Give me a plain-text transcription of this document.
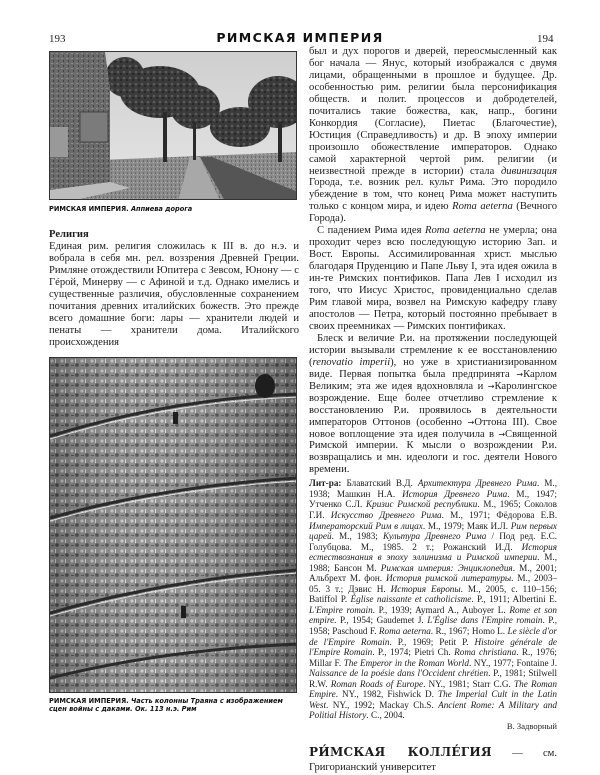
193	РИМСКАЯ ИМПЕРИЯ	194
РИМСКАЯ ИМПЕРИЯ. Аппиева дорога

Религия

Единая рим. религия сложилась к III в. до н.э. и вобрала в себя мн. рел. воззрения Древней Греции. Римляне отождествили Юпитера с Зевсом, Юнону — с Гéрой, Минерву — с Афиной и т.д. Однако имелись и существенные различия, обусловленные сохранением почитания древних италийских божеств. Это прежде всего домашние боги: лары — хранители людей и пенаты — хранители дома. Италийского происхождения

РИМСКАЯ ИМПЕРИЯ. Часть колонны Траяна с изображением сцен войны с даками. Ок. 113 н.э. Рим

был и дух порогов и дверей, переосмысленный как бог начала — Янус, который изображался с двумя лицами, обращенными в прошлое и будущее. Др. особенностью рим. религии была персонификация обществ. и полит. процессов и добродетелей, почитались такие божества, как, напр., богини Конкордия (Согласие), Пиетас (Благочестие), Юстиция (Справедливость) и др. В эпоху империи произошло обожествление императоров. Однако самой характерной чертой рим. религии (и неизвестной прежде в истории) стала дивинизация Города, т.е. возник рел. культ Рима. Это породило убеждение в том, что конец Рима может наступить только с концом мира, и идею Roma aeterna (Вечного Города).

С падением Рима идея Roma aeterna не умерла; она проходит через всю последующую историю Зап. и Вост. Европы. Ассимилированная христ. мыслью благодаря Пруденцию и Папе Льву I, эта идея ожила в ин-те Римских понтификов. Папа Лев I исходил из того, что Иисус Христос, провиденциально сделав Рим главой мира, возвел на Римскую кафедру главу апостолов — Петра, который постоянно пребывает в своих преемниках — Римских понтификах.

Блеск и величие Р.и. на протяжении последующей истории вызывали стремление к ее восстановлению (renovatio imperii), но уже в христианизированном виде. Первая попытка была предпринята →Карлом Великим; эта же идея вдохновляла и →Каролингское возрождение. Еще более отчетливо стремление к восстановлению Р.и. проявилось в деятельности императоров Оттонов (особенно →Оттона III). Свое новое воплощение эта идея получила в →Священной Римской империи. К мысли о возрождении Р.и. возвращались и мн. идеологи и гос. деятели Нового времени.

Лит-ра: Блаватский В.Д. Архитектура Древнего Рима. М., 1938; Машкин Н.А. История Древнего Рима. М., 1947; Утченко С.Л. Кризис Римской республики. М., 1965; Соколов Г.И. Искусство Древнего Рима. М., 1971; Фёдорова Е.В. Императорский Рим в лицах. М., 1979; Маяк И.Л. Рим первых царей. М., 1983; Культура Древнего Рима / Под ред. Е.С. Голубцова. М., 1985. 2 т.; Рожанский И.Д. История естествознания в эпоху эллинизма и Римской империи. М., 1988; Бансон М. Римская империя: Энциклопедия. М., 2001; Альбрехт М. фон. История римской литературы. М., 2003–05. 3 т.; Дэвис Н. История Европы. М., 2005, с. 110–156; Batiffol P. Église naissante et catholicisme. P., 1911; Albertini E. L'Empire romain. P., 1939; Aymard A., Auboyer L. Rome et son empire. P., 1954; Gaudemet J. L'Église dans l'Empire romain. P., 1958; Paschoud F. Roma aeterna. R., 1967; Homo L. Le siècle d'or de l'Empire Romain. P., 1969; Petit P. Histoire générale de l'Empire Romain. P., 1974; Pietri Ch. Roma christiana. R., 1976; Millar F. The Emperor in the Roman World. NY., 1977; Fontaine J. Naissance de la poésie dans l'Occident chrétien. P., 1981; Stilwell R.W. Roman Roads of Europe. NY., 1981; Starr C.G. The Roman Empire. NY., 1982, Fishwick D. The Imperial Cult in the Latin West. NY., 1992; Mackay Ch.S. Ancient Rome: A Military and Politial History. C., 2004.
В. Задворный
РИ́МСКАЯ КОЛЛЕ́ГИЯ — см. Григорианский университет
